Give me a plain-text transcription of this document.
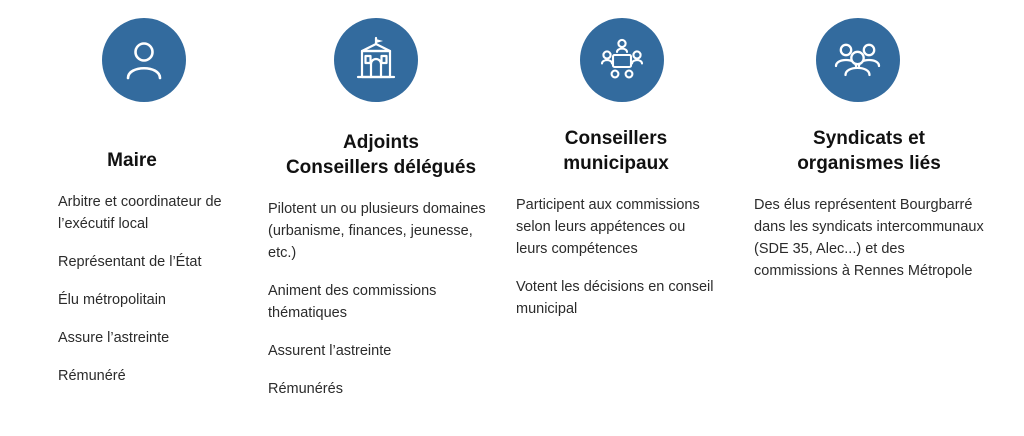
Maire
Arbitre et coordinateur de l’exécutif local
Représentant de l’État
Élu métropolitain
Assure l’astreinte
Rémunéré
Adjoints
Conseillers délégués
Pilotent un ou plusieurs domaines (urbanisme, finances, jeunesse, etc.)
Animent des commissions thématiques
Assurent l’astreinte
Rémunérés
Conseillers
municipaux
Participent aux commissions selon leurs appétences ou leurs compétences
Votent les décisions en conseil municipal
Syndicats et
organismes liés
Des élus représentent Bourgbarré dans les syndicats intercommunaux (SDE 35, Alec...) et des commissions à Rennes Métropole
